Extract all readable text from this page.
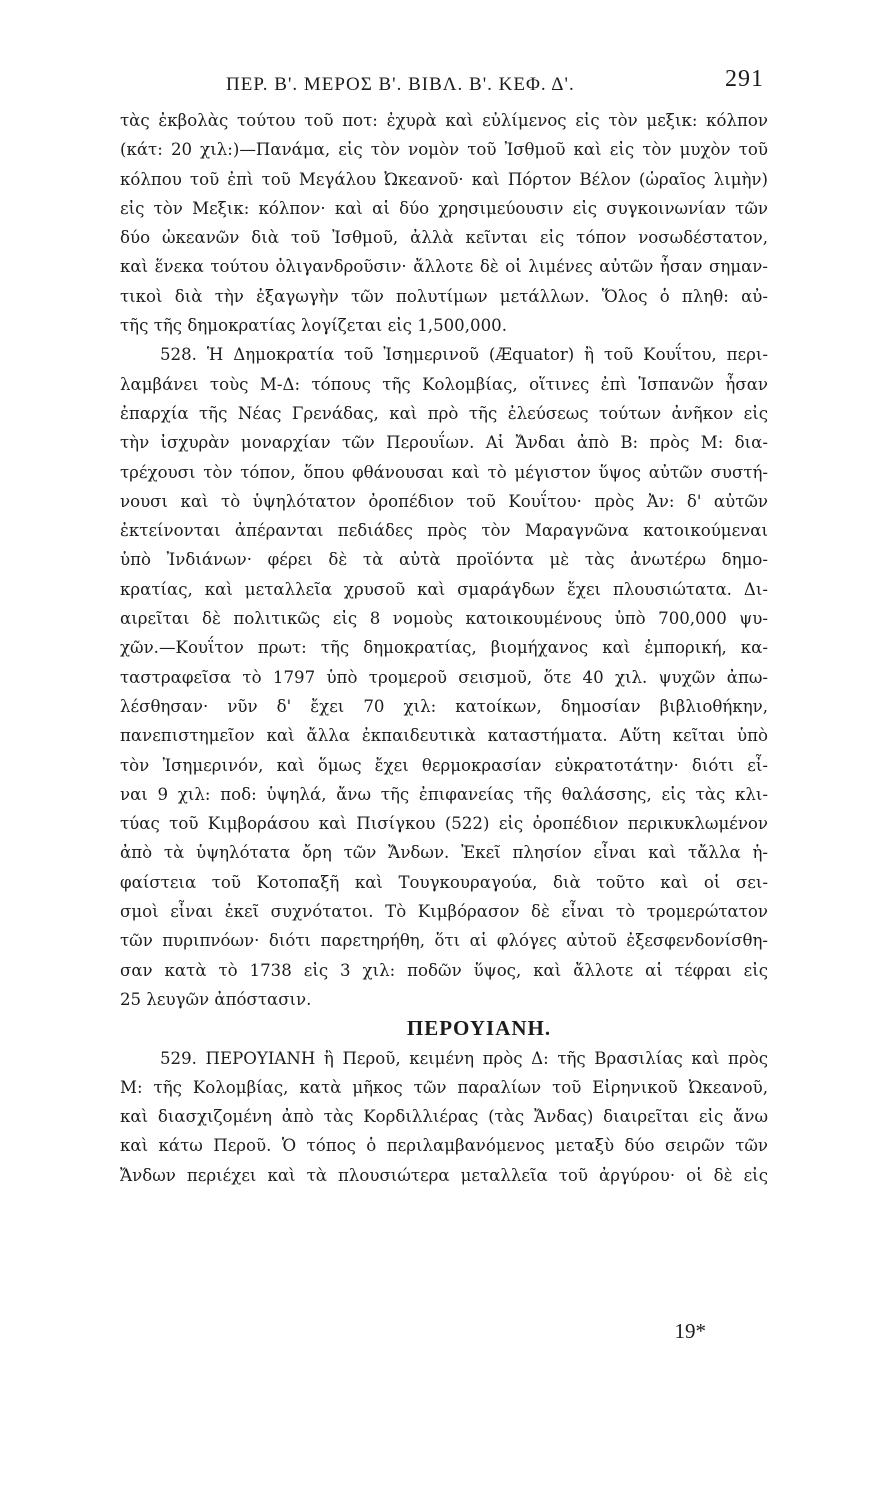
ΠΕΡ. Β'. ΜΕΡΟΣ Β'. ΒΙΒΛ. Β'. ΚΕΦ. Δ'.	291
τὰς ἐκβολὰς τούτου τοῦ ποτ: ἐχυρὰ καὶ εὐλίμενος εἰς τὸν μεξικ: κόλπον
(κάτ: 20 χιλ:)—Πανάμα, εἰς τὸν νομὸν τοῦ Ἰσθμοῦ καὶ εἰς τὸν μυχὸν τοῦ
κόλπου τοῦ ἐπὶ τοῦ Μεγάλου Ὠκεανοῦ· καὶ Πόρτον Βέλον (ὡραῖος λιμὴν)
εἰς τὸν Μεξικ: κόλπον· καὶ αἱ δύο χρησιμεύουσιν εἰς συγκοινωνίαν τῶν
δύο ὠκεανῶν διὰ τοῦ Ἰσθμοῦ, ἀλλὰ κεῖνται εἰς τόπον νοσωδέστατον,
καὶ ἕνεκα τούτου ὀλιγανδροῦσιν· ἄλλοτε δὲ οἱ λιμένες αὐτῶν ἦσαν σημαν-
τικοὶ διὰ τὴν ἐξαγωγὴν τῶν πολυτίμων μετάλλων. Ὅλος ὁ πληθ: αὐ-
τῆς τῆς δημοκρατίας λογίζεται εἰς 1,500,000.
528. Ἡ Δημοκρατία τοῦ Ἰσημερινοῦ (Æquator) ἢ τοῦ Κουΐτου, περι-
λαμβάνει τοὺς Μ-Δ: τόπους τῆς Κολομβίας, οἵτινες ἐπὶ Ἱσπανῶν ἦσαν
ἐπαρχία τῆς Νέας Γρενάδας, καὶ πρὸ τῆς ἐλεύσεως τούτων ἀνῆκον εἰς
τὴν ἰσχυρὰν μοναρχίαν τῶν Περουΐων. Αἱ Ἄνδαι ἀπὸ Β: πρὸς Μ: δια-
τρέχουσι τὸν τόπον, ὅπου φθάνουσαι καὶ τὸ μέγιστον ὕψος αὐτῶν συστή-
νουσι καὶ τὸ ὑψηλότατον ὀροπέδιον τοῦ Κουΐτου· πρὸς Ἀν: δ' αὐτῶν
ἐκτείνονται ἀπέρανται πεδιάδες πρὸς τὸν Μαραγνῶνα κατοικούμεναι
ὑπὸ Ἰνδιάνων· φέρει δὲ τὰ αὐτὰ προϊόντα μὲ τὰς ἀνωτέρω δημο-
κρατίας, καὶ μεταλλεῖα χρυσοῦ καὶ σμαράγδων ἔχει πλουσιώτατα. Δι-
αιρεῖται δὲ πολιτικῶς εἰς 8 νομοὺς κατοικουμένους ὑπὸ 700,000 ψυ-
χῶν.—Κουΐτον πρωτ: τῆς δημοκρατίας, βιομήχανος καὶ ἐμπορική, κα-
ταστραφεῖσα τὸ 1797 ὑπὸ τρομεροῦ σεισμοῦ, ὅτε 40 χιλ. ψυχῶν ἀπω-
λέσθησαν· νῦν δ' ἔχει 70 χιλ: κατοίκων, δημοσίαν βιβλιοθήκην,
πανεπιστημεῖον καὶ ἄλλα ἐκπαιδευτικὰ καταστήματα. Αὕτη κεῖται ὑπὸ
τὸν Ἰσημερινόν, καὶ ὅμως ἔχει θερμοκρασίαν εὐκρατοτάτην· διότι εἶ-
ναι 9 χιλ: ποδ: ὑψηλά, ἄνω τῆς ἐπιφανείας τῆς θαλάσσης, εἰς τὰς κλι-
τύας τοῦ Κιμβοράσου καὶ Πισίγκου (522) εἰς ὀροπέδιον περικυκλωμένον
ἀπὸ τὰ ὑψηλότατα ὄρη τῶν Ἄνδων. Ἐκεῖ πλησίον εἶναι καὶ τἄλλα ἡ-
φαίστεια τοῦ Κοτοπαξῆ καὶ Τουγκουραγούα, διὰ τοῦτο καὶ οἱ σει-
σμοὶ εἶναι ἐκεῖ συχνότατοι. Τὸ Κιμβόρασον δὲ εἶναι τὸ τρομερώτατον
τῶν πυριπνόων· διότι παρετηρήθη, ὅτι αἱ φλόγες αὐτοῦ ἐξεσφενδονίσθη-
σαν κατὰ τὸ 1738 εἰς 3 χιλ: ποδῶν ὕψος, καὶ ἄλλοτε αἱ τέφραι εἰς
25 λευγῶν ἀπόστασιν.
ΠΕΡΟΥΙΑΝΗ.
529. ΠΕΡΟΥΙΑΝΗ ἢ Περοῦ, κειμένη πρὸς Δ: τῆς Βρασιλίας καὶ πρὸς
Μ: τῆς Κολομβίας, κατὰ μῆκος τῶν παραλίων τοῦ Εἰρηνικοῦ Ὠκεανοῦ,
καὶ διασχιζομένη ἀπὸ τὰς Κορδιλλιέρας (τὰς Ἄνδας) διαιρεῖται εἰς ἄνω
καὶ κάτω Περοῦ. Ὁ τόπος ὁ περιλαμβανόμενος μεταξὺ δύο σειρῶν τῶν
Ἄνδων περιέχει καὶ τὰ πλουσιώτερα μεταλλεῖα τοῦ ἀργύρου· οἱ δὲ εἰς
19*
